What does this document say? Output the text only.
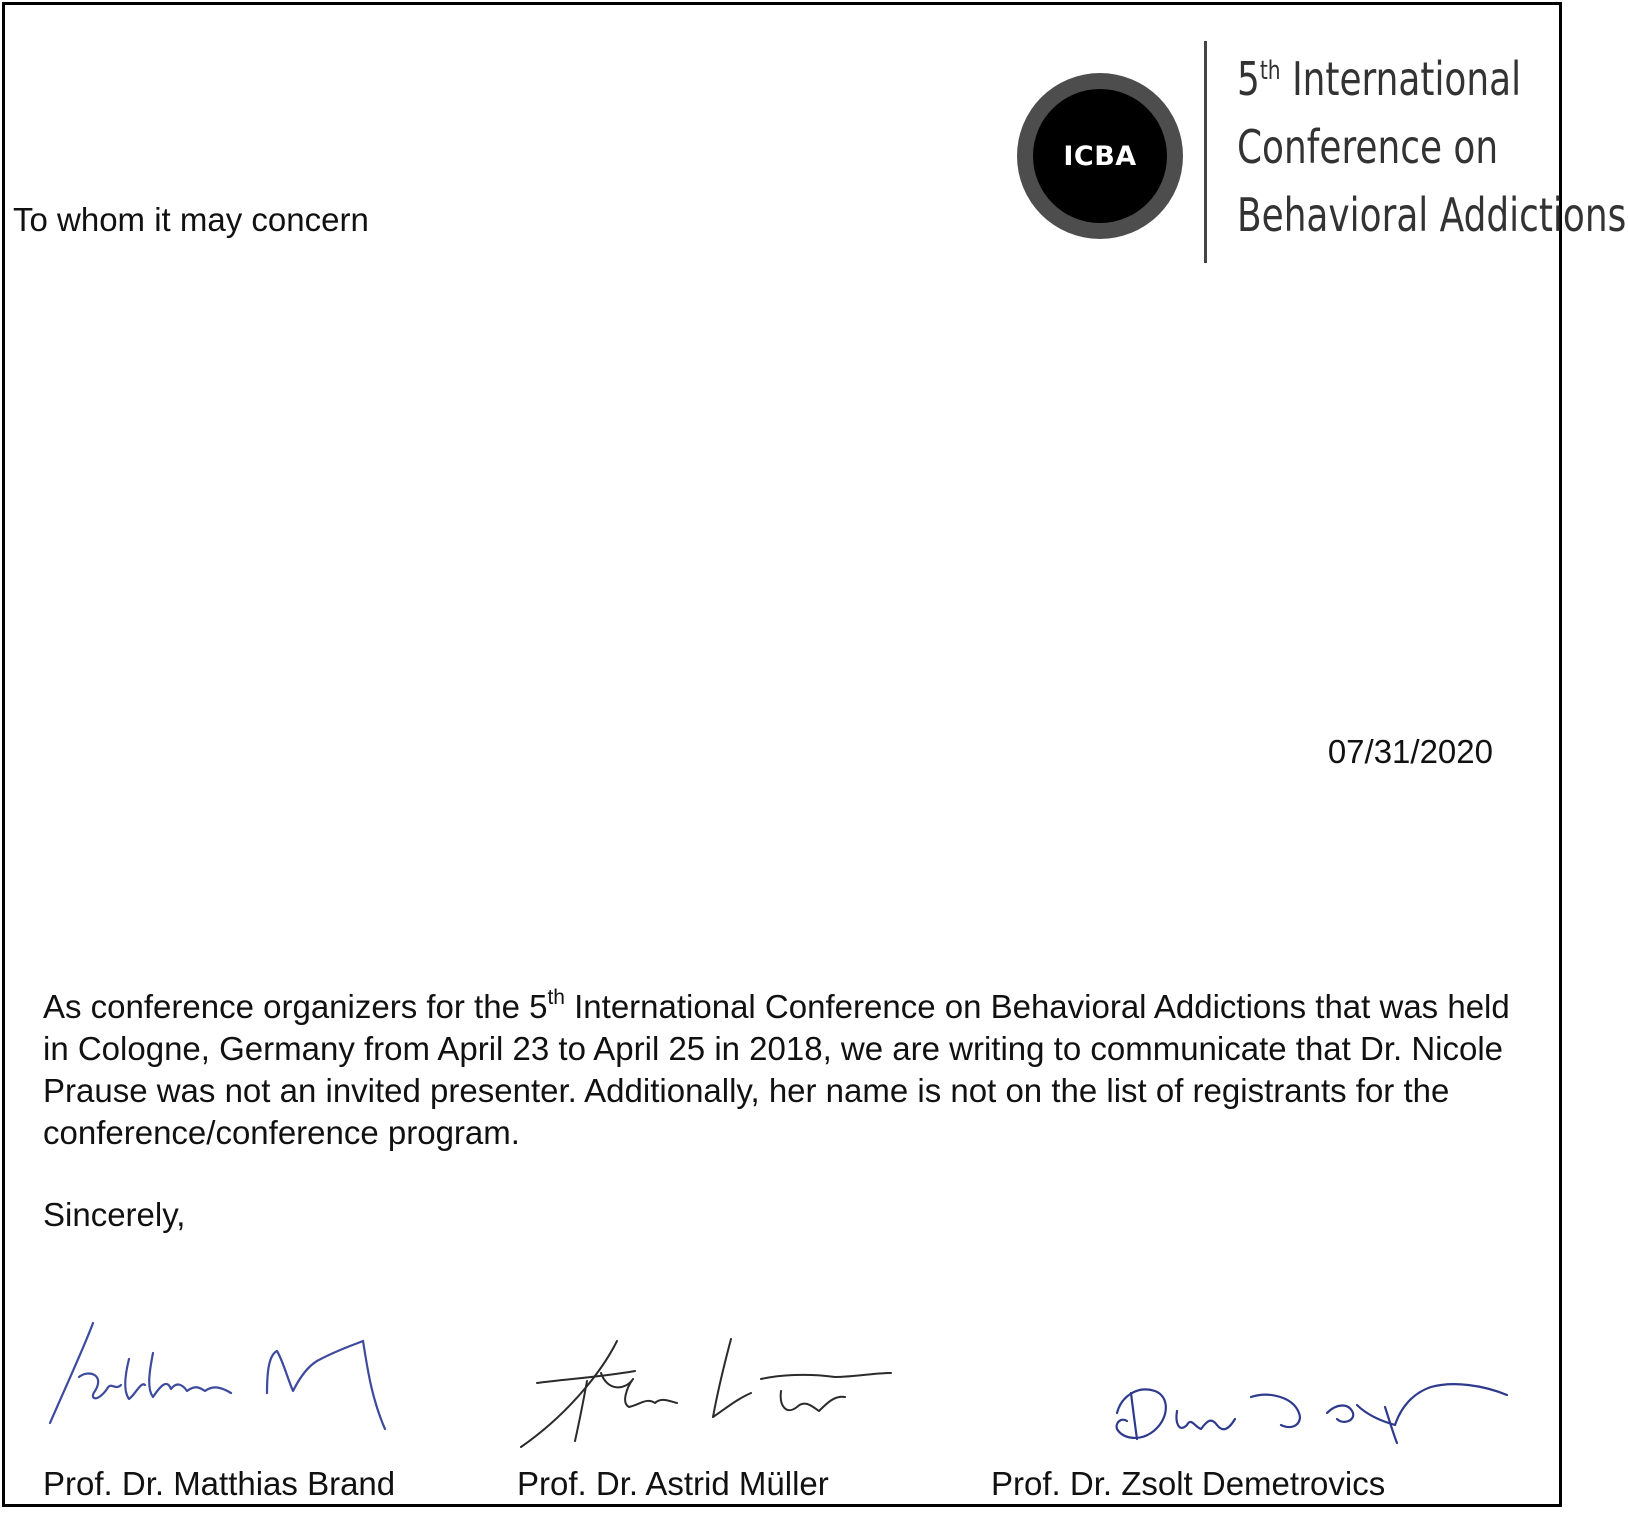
ICBA
5th International
Conference on
Behavioral Addictions
To whom it may concern
07/31/2020

As conference organizers for the 5th International Conference on Behavioral Addictions that was held in Cologne, Germany from April 23 to April 25 in 2018, we are writing to communicate that Dr. Nicole Prause was not an invited presenter. Additionally, her name is not on the list of registrants for the conference/conference program.

Sincerely,
Prof. Dr. Matthias Brand	Prof. Dr. Astrid Müller	Prof. Dr. Zsolt Demetrovics
